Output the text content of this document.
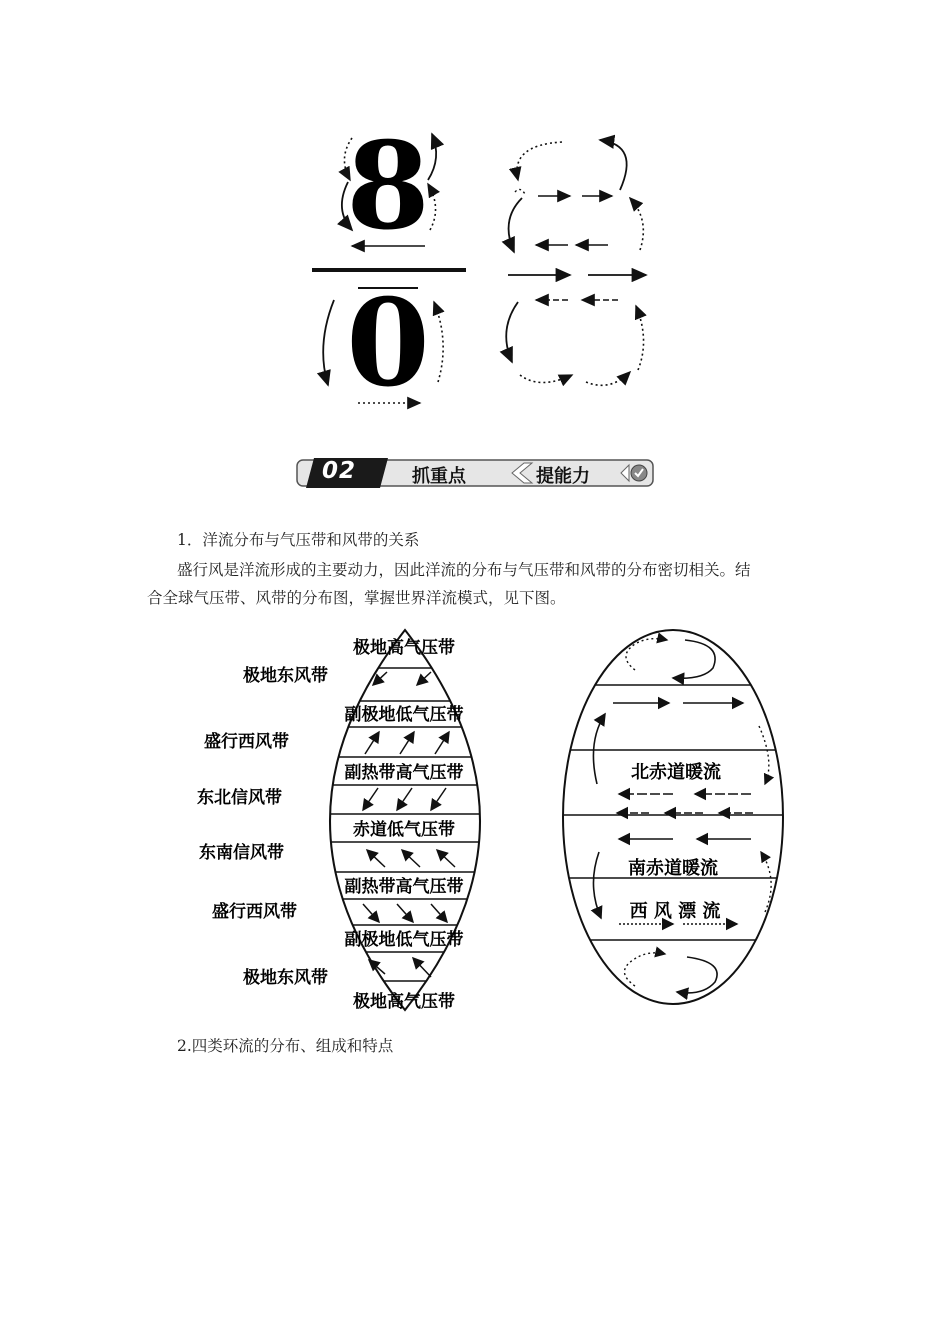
8
0
02	抓重点	提能力
1．洋流分布与气压带和风带的关系
盛行风是洋流形成的主要动力，因此洋流的分布与气压带和风带的分布密切相关。结
合全球气压带、风带的分布图，掌握世界洋流模式，见下图。
极地高气压带
副极地低气压带
副热带高气压带
赤道低气压带
副热带高气压带
副极地低气压带
极地高气压带
极地东风带
盛行西风带
东北信风带
东南信风带
盛行西风带
极地东风带
北赤道暖流
南赤道暖流
西 风 漂 流
2.四类环流的分布、组成和特点
